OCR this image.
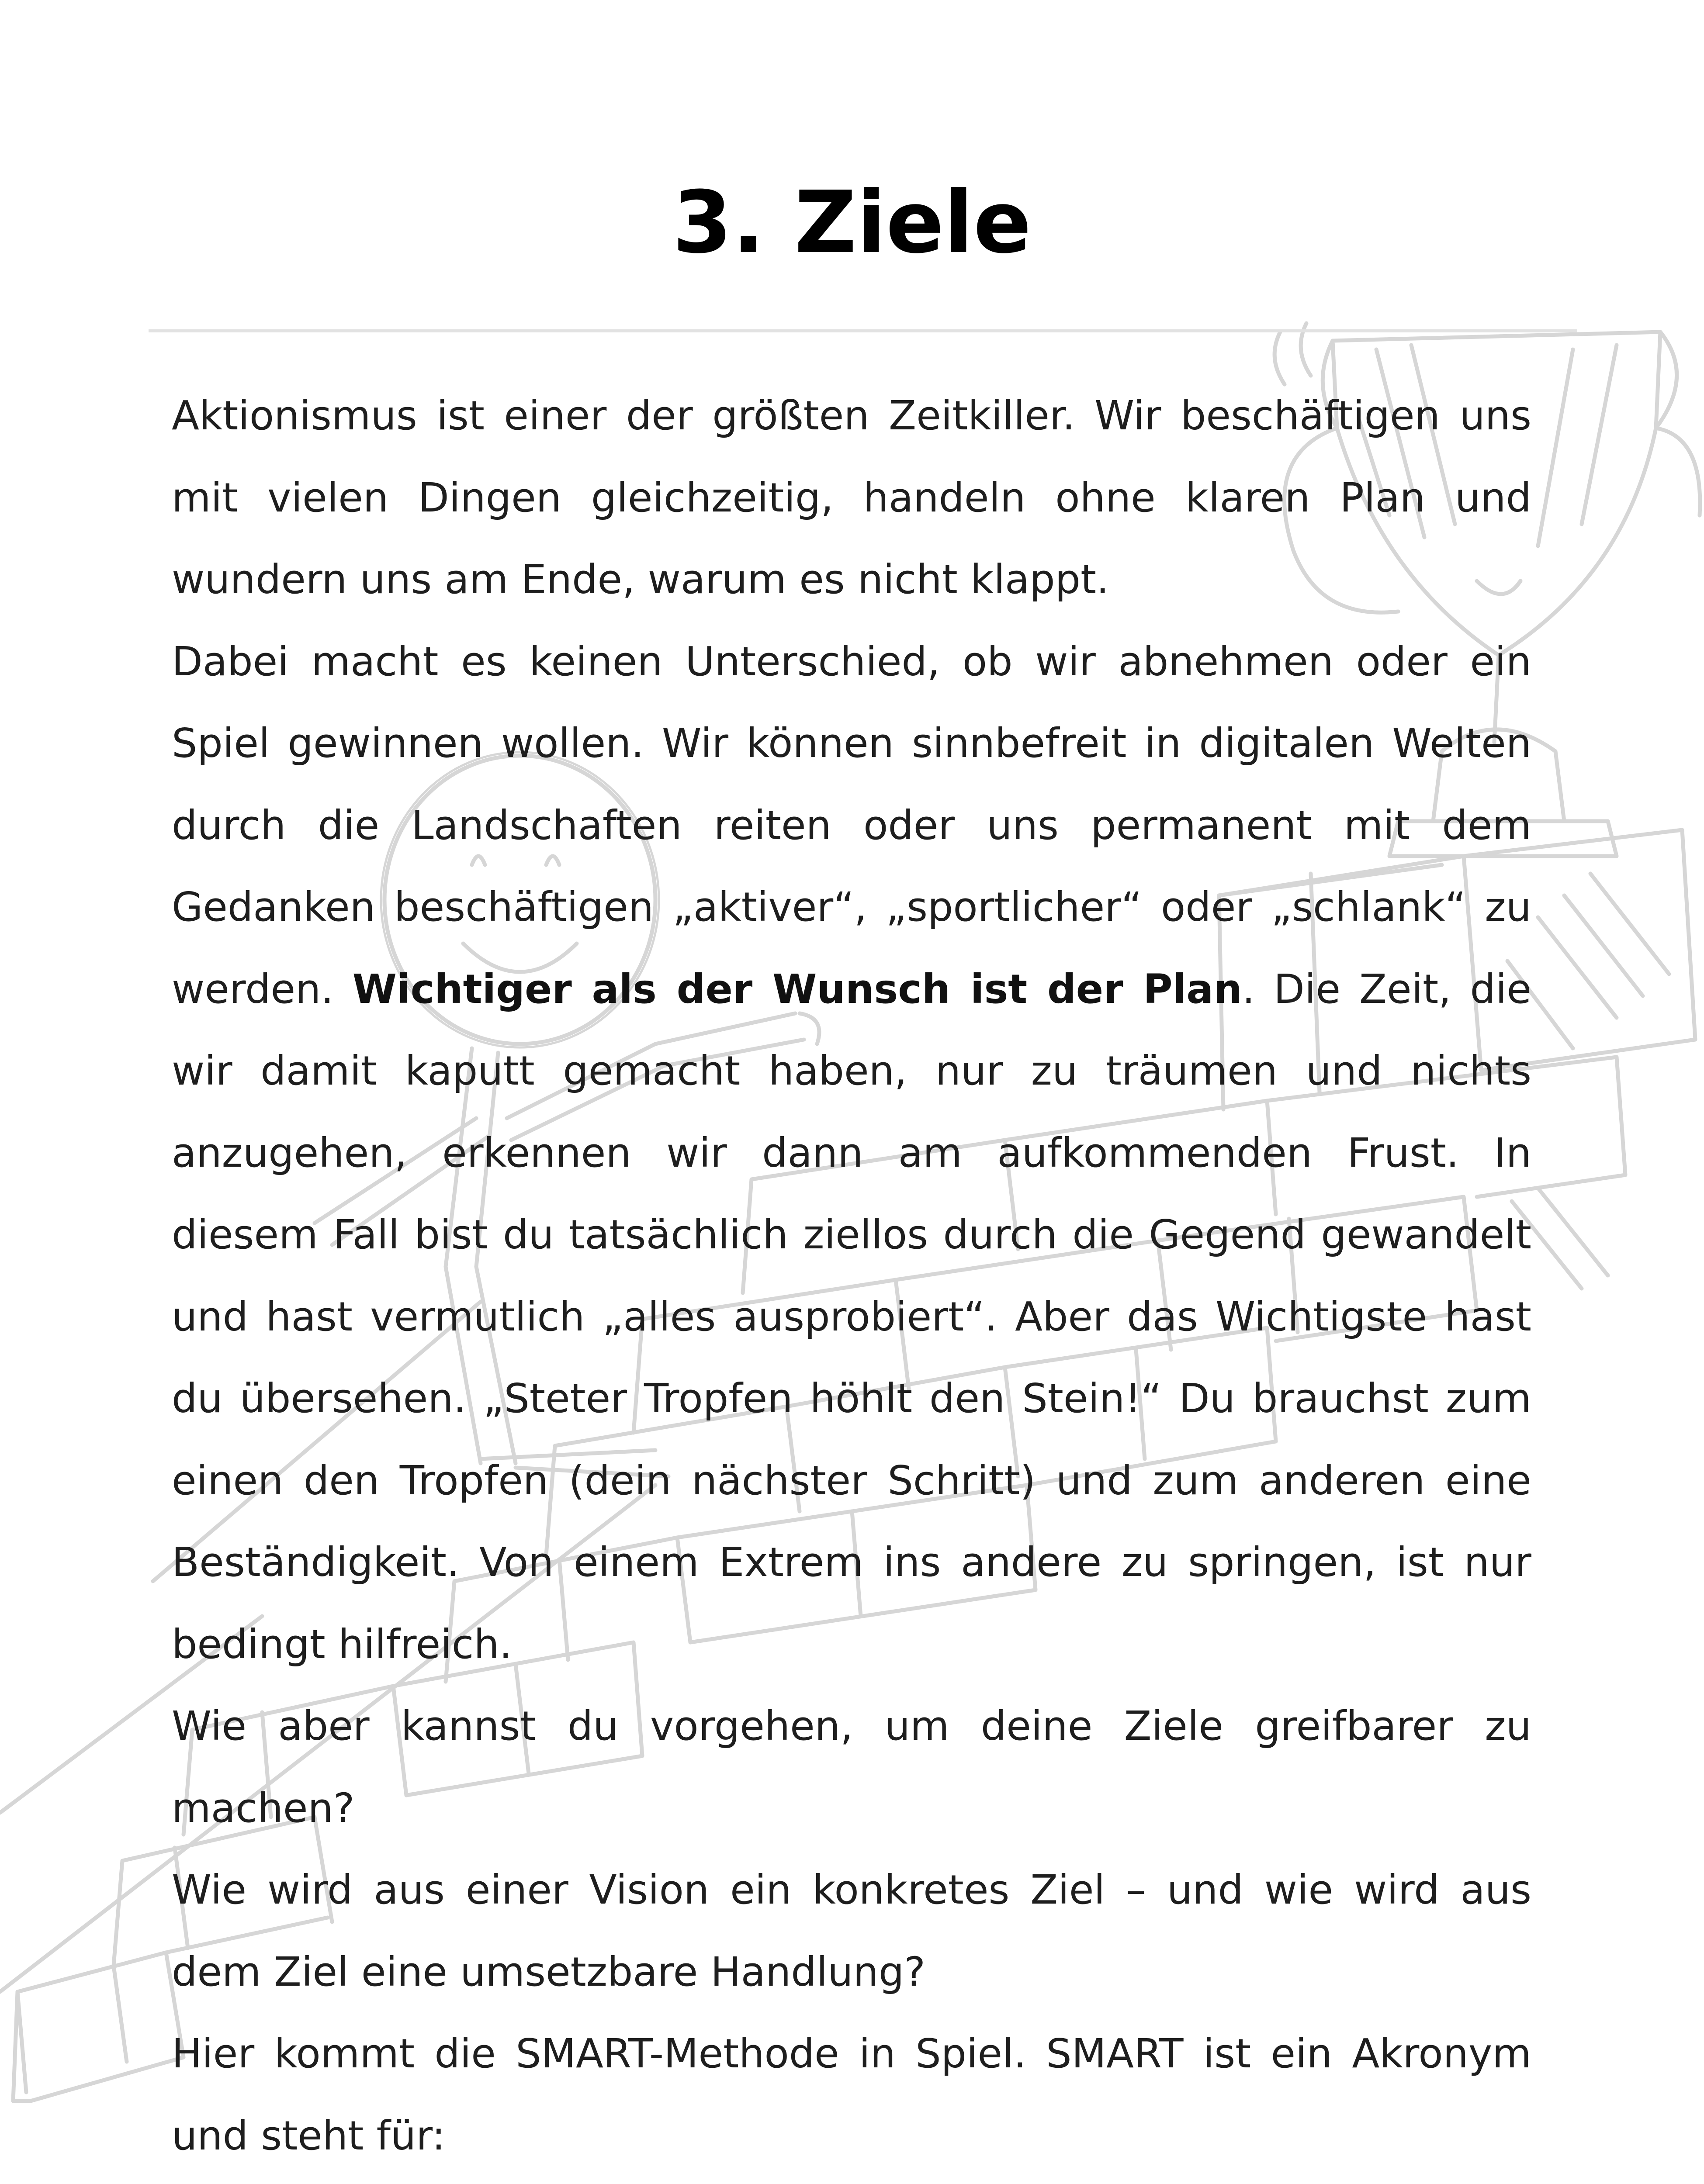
3. Ziele

Aktionismus ist einer der größten Zeitkiller. Wir beschäftigen uns mit vielen Dingen gleichzeitig, handeln ohne klaren Plan und wundern uns am Ende, warum es nicht klappt.

Dabei macht es keinen Unterschied, ob wir abnehmen oder ein Spiel gewinnen wollen. Wir können sinnbefreit in digitalen Welten durch die Landschaften reiten oder uns permanent mit dem Gedanken beschäftigen „aktiver“, „sportlicher“ oder „schlank“ zu werden. Wichtiger als der Wunsch ist der Plan. Die Zeit, die wir damit kaputt gemacht haben, nur zu träumen und nichts anzugehen, erkennen wir dann am aufkommenden Frust. In diesem Fall bist du tatsächlich ziellos durch die Gegend gewandelt und hast vermutlich „alles ausprobiert“. Aber das Wichtigste hast du übersehen. „Steter Tropfen höhlt den Stein!“ Du brauchst zum einen den Tropfen (dein nächster Schritt) und zum anderen eine Beständigkeit. Von einem Extrem ins andere zu springen, ist nur bedingt hilfreich.

Wie aber kannst du vorgehen, um deine Ziele greifbarer zu machen?

Wie wird aus einer Vision ein konkretes Ziel – und wie wird aus dem Ziel eine umsetzbare Handlung?

Hier kommt die SMART-Methode in Spiel. SMART ist ein Akronym und steht für:
